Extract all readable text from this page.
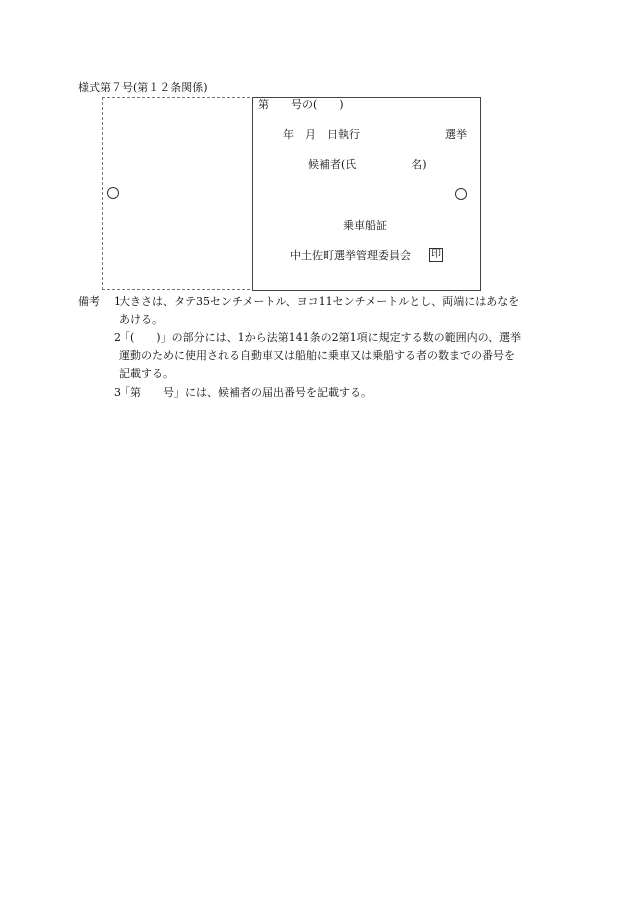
様式第７号(第１２条関係)
第　　号の(　　)
年　月　日執行	選挙
候補者(氏　　　　　名)
乗車船証
中土佐町選挙管理委員会 印
備考 1
大きさは、タテ35センチメートル、ヨコ11センチメートルとし、両端にはあなを
あける。
2
「(　　)」の部分には、1から法第141条の2第1項に規定する数の範囲内の、選挙
運動のために使用される自動車又は船舶に乗車又は乗船する者の数までの番号を
記載する。
3
「第　　号」には、候補者の届出番号を記載する。
